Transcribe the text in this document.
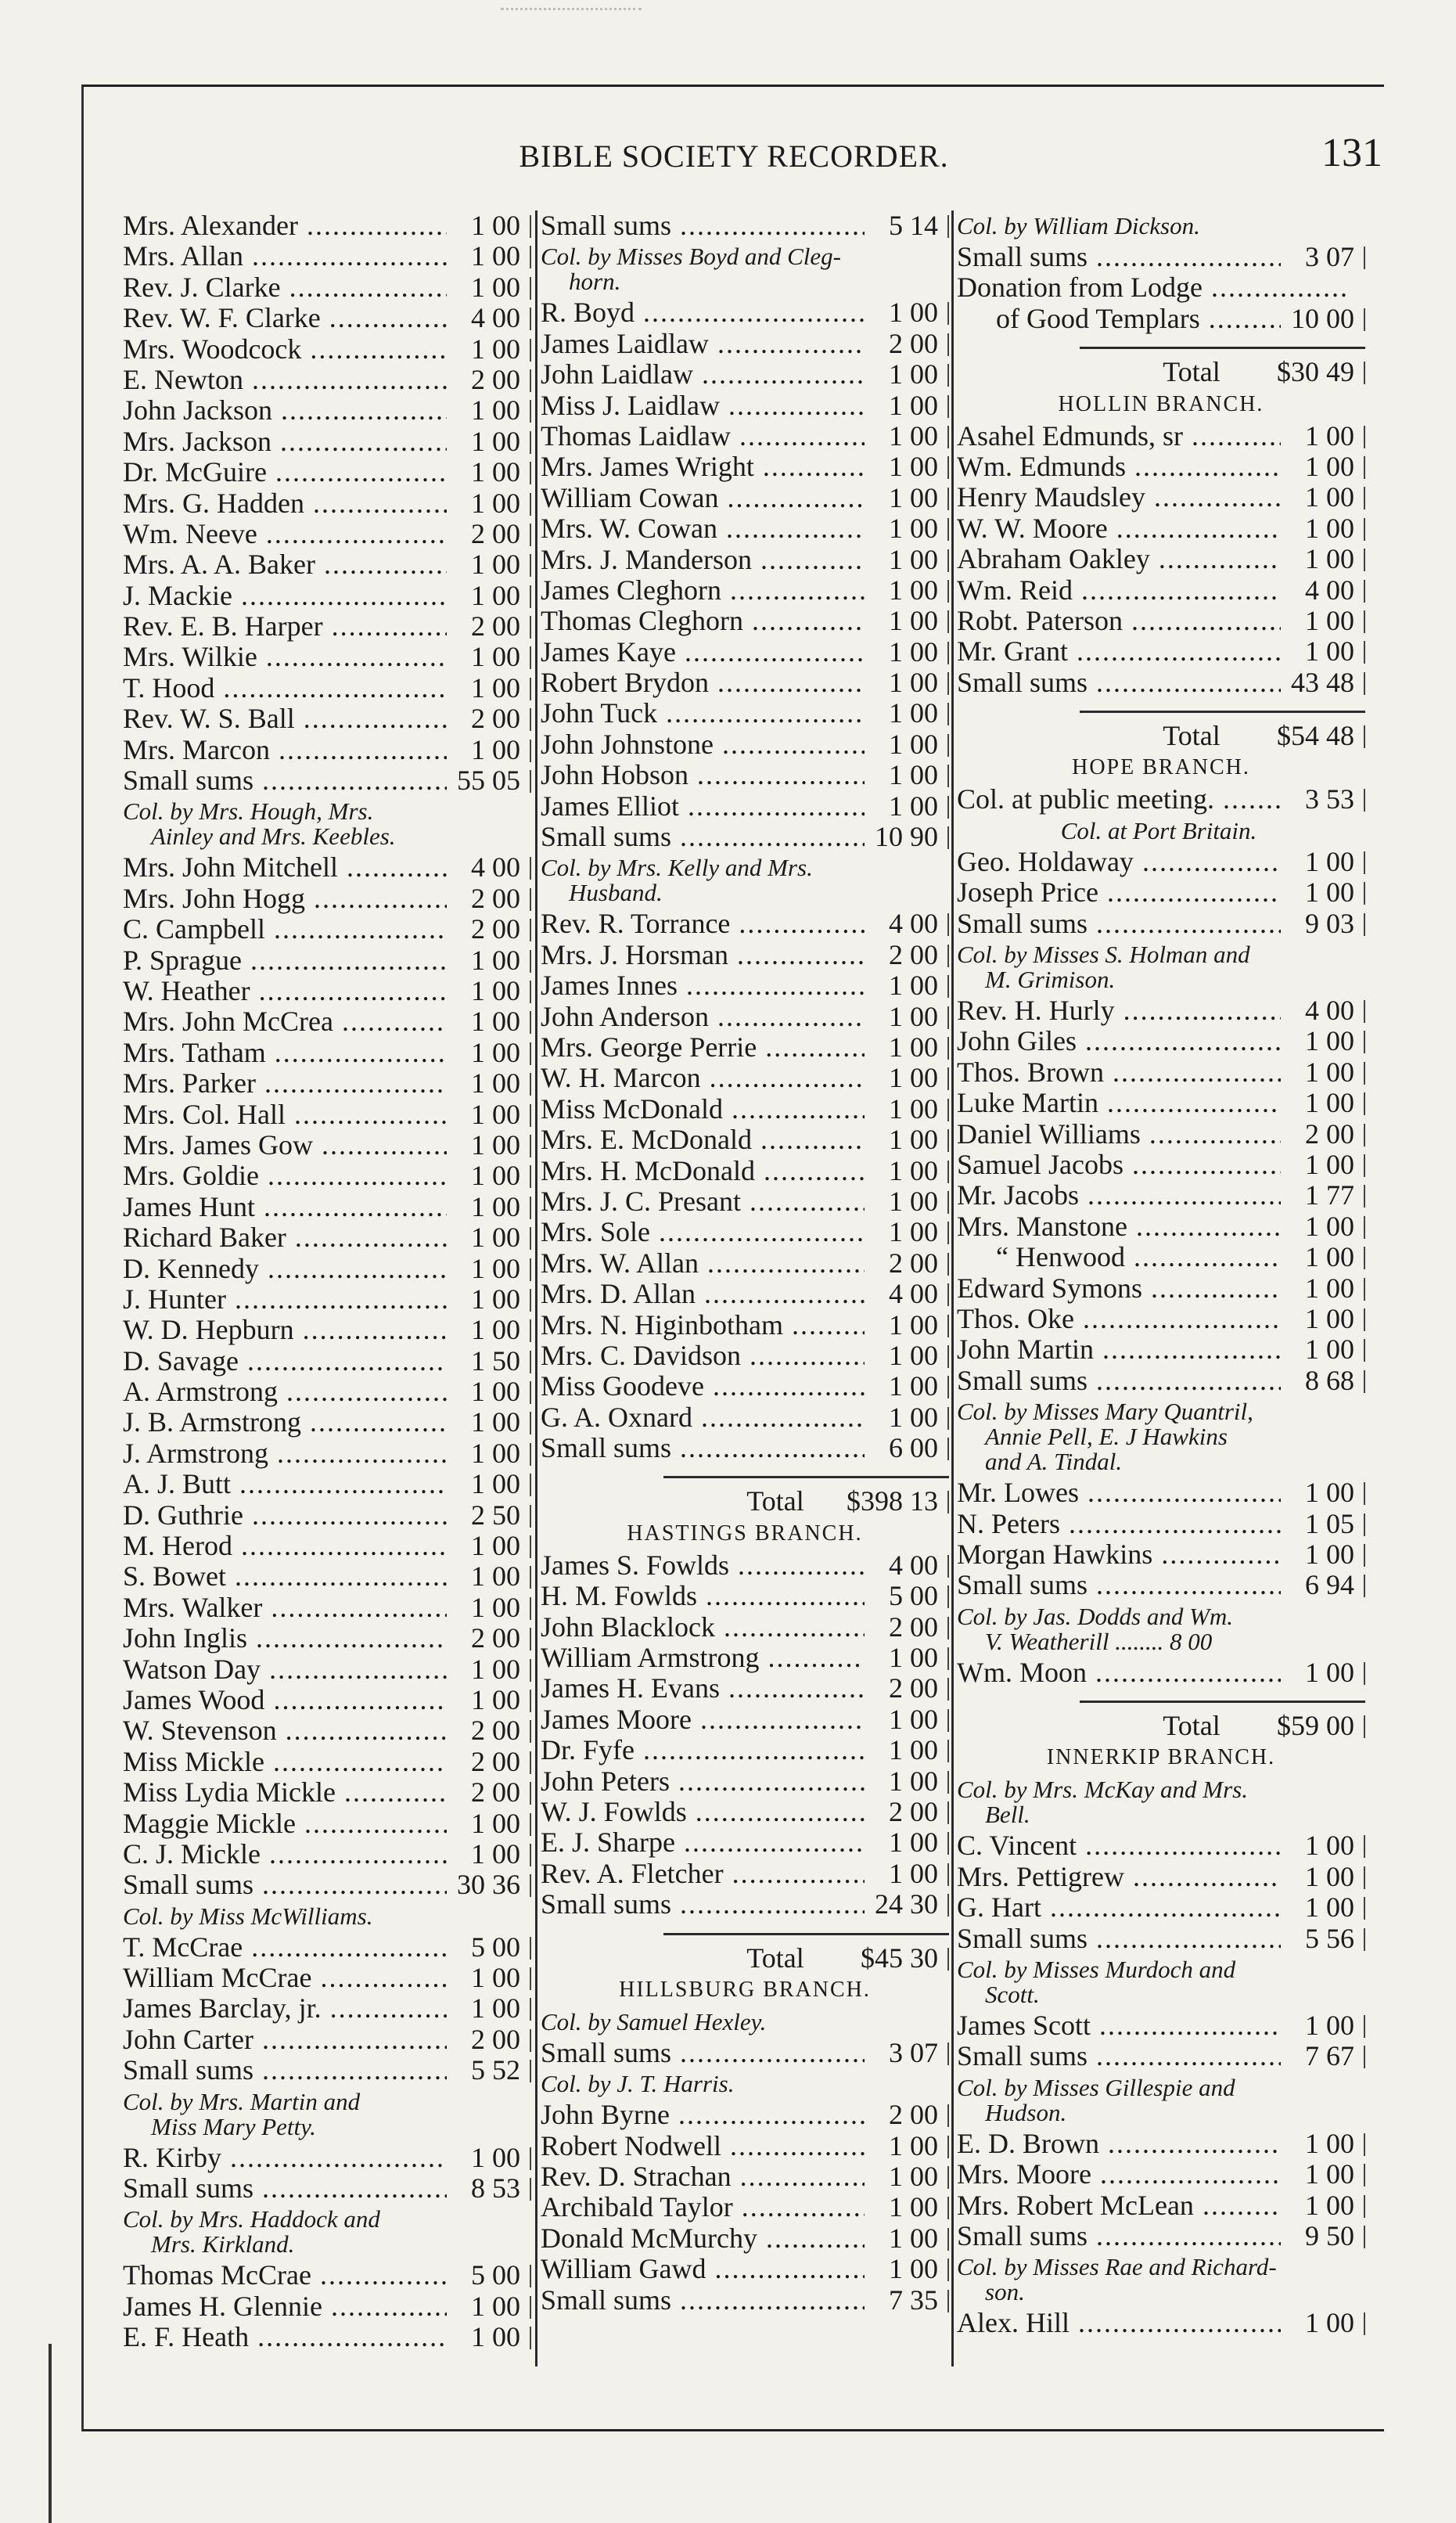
BIBLE SOCIETY RECORDER.	131
Mrs. Alexander .....	1 00
Mrs. Allan .....	1 00
Rev. J. Clarke .....	1 00
Rev. W. F. Clarke .....	4 00
Mrs. Woodcock .....	1 00
E. Newton .....	2 00
John Jackson .....	1 00
Mrs. Jackson .....	1 00
Dr. McGuire .....	1 00
Mrs. G. Hadden .....	1 00
Wm. Neeve .....	2 00
Mrs. A. A. Baker .....	1 00
J. Mackie .....	1 00
Rev. E. B. Harper .....	2 00
Mrs. Wilkie .....	1 00
T. Hood .....	1 00
Rev. W. S. Ball .....	2 00
Mrs. Marcon .....	1 00
Small sums .....	55 05
Col. by Mrs. Hough, Mrs.
Ainley and Mrs. Keebles.
Mrs. John Mitchell .....	4 00
Mrs. John Hogg .....	2 00
C. Campbell .....	2 00
P. Sprague .....	1 00
W. Heather .....	1 00
Mrs. John McCrea .....	1 00
Mrs. Tatham .....	1 00
Mrs. Parker .....	1 00
Mrs. Col. Hall .....	1 00
Mrs. James Gow .....	1 00
Mrs. Goldie .....	1 00
James Hunt .....	1 00
Richard Baker .....	1 00
D. Kennedy .....	1 00
J. Hunter .....	1 00
W. D. Hepburn .....	1 00
D. Savage .....	1 50
A. Armstrong .....	1 00
J. B. Armstrong .....	1 00
J. Armstrong .....	1 00
A. J. Butt .....	1 00
D. Guthrie .....	2 50
M. Herod .....	1 00
S. Bowet .....	1 00
Mrs. Walker .....	1 00
John Inglis .....	2 00
Watson Day .....	1 00
James Wood .....	1 00
W. Stevenson .....	2 00
Miss Mickle .....	2 00
Miss Lydia Mickle .....	2 00
Maggie Mickle .....	1 00
C. J. Mickle .....	1 00
Small sums .....	30 36
Col. by Miss McWilliams.
T. McCrae .....	5 00
William McCrae .....	1 00
James Barclay, jr. .....	1 00
John Carter .....	2 00
Small sums .....	5 52
Col. by Mrs. Martin and
Miss Mary Petty.
R. Kirby .....	1 00
Small sums .....	8 53
Col. by Mrs. Haddock and
Mrs. Kirkland.
Thomas McCrae .....	5 00
James H. Glennie .....	1 00
E. F. Heath .....	1 00
Small sums .....	5 14
Col. by Misses Boyd and Cleg-
horn.
R. Boyd .....	1 00
James Laidlaw .....	2 00
John Laidlaw .....	1 00
Miss J. Laidlaw .....	1 00
Thomas Laidlaw .....	1 00
Mrs. James Wright .....	1 00
William Cowan .....	1 00
Mrs. W. Cowan .....	1 00
Mrs. J. Manderson .....	1 00
James Cleghorn .....	1 00
Thomas Cleghorn .....	1 00
James Kaye .....	1 00
Robert Brydon .....	1 00
John Tuck .....	1 00
John Johnstone .....	1 00
John Hobson .....	1 00
James Elliot .....	1 00
Small sums .....	10 90
Col. by Mrs. Kelly and Mrs.
Husband.
Rev. R. Torrance .....	4 00
Mrs. J. Horsman .....	2 00
James Innes .....	1 00
John Anderson .....	1 00
Mrs. George Perrie .....	1 00
W. H. Marcon .....	1 00
Miss McDonald .....	1 00
Mrs. E. McDonald .....	1 00
Mrs. H. McDonald .....	1 00
Mrs. J. C. Presant .....	1 00
Mrs. Sole .....	1 00
Mrs. W. Allan .....	2 00
Mrs. D. Allan .....	4 00
Mrs. N. Higinbotham .....	1 00
Mrs. C. Davidson .....	1 00
Miss Goodeve .....	1 00
G. A. Oxnard .....	1 00
Small sums .....	6 00
Total $	398 13
HASTINGS BRANCH.
James S. Fowlds .....	4 00
H. M. Fowlds .....	5 00
John Blacklock .....	2 00
William Armstrong .....	1 00
James H. Evans .....	2 00
James Moore .....	1 00
Dr. Fyfe .....	1 00
John Peters .....	1 00
W. J. Fowlds .....	2 00
E. J. Sharpe .....	1 00
Rev. A. Fletcher .....	1 00
Small sums .....	24 30
Total $	45 30
HILLSBURG BRANCH.
Col. by Samuel Hexley.
Small sums .....	3 07
Col. by J. T. Harris.
John Byrne .....	2 00
Robert Nodwell .....	1 00
Rev. D. Strachan .....	1 00
Archibald Taylor .....	1 00
Donald McMurchy .....	1 00
William Gawd .....	1 00
Small sums .....	7 35
Col. by William Dickson.
Small sums .....	3 07
Donation from Lodge .....
of Good Templars .....	10 00
Total $	30 49
HOLLIN BRANCH.
Asahel Edmunds, sr .....	1 00
Wm. Edmunds .....	1 00
Henry Maudsley .....	1 00
W. W. Moore .....	1 00
Abraham Oakley .....	1 00
Wm. Reid .....	4 00
Robt. Paterson .....	1 00
Mr. Grant .....	1 00
Small sums .....	43 48
Total $	54 48
HOPE BRANCH.
Col. at public meeting. .....	3 53
Col. at Port Britain.
Geo. Holdaway .....	1 00
Joseph Price .....	1 00
Small sums .....	9 03
Col. by Misses S. Holman and
M. Grimison.
Rev. H. Hurly .....	4 00
John Giles .....	1 00
Thos. Brown .....	1 00
Luke Martin .....	1 00
Daniel Williams .....	2 00
Samuel Jacobs .....	1 00
Mr. Jacobs .....	1 77
Mrs. Manstone .....	1 00
“ Henwood .....	1 00
Edward Symons .....	1 00
Thos. Oke .....	1 00
John Martin .....	1 00
Small sums .....	8 68
Col. by Misses Mary Quantril,
Annie Pell, E. J Hawkins
and A. Tindal.
Mr. Lowes .....	1 00
N. Peters .....	1 05
Morgan Hawkins .....	1 00
Small sums .....	6 94
Col. by Jas. Dodds and Wm.
V. Weatherill ........ 8 00
Wm. Moon .....	1 00
Total $	59 00
INNERKIP BRANCH.
Col. by Mrs. McKay and Mrs.
Bell.
C. Vincent .....	1 00
Mrs. Pettigrew .....	1 00
G. Hart .....	1 00
Small sums .....	5 56
Col. by Misses Murdoch and
Scott.
James Scott .....	1 00
Small sums .....	7 67
Col. by Misses Gillespie and
Hudson.
E. D. Brown .....	1 00
Mrs. Moore .....	1 00
Mrs. Robert McLean .....	1 00
Small sums .....	9 50
Col. by Misses Rae and Richard-
son.
Alex. Hill .....	1 00
